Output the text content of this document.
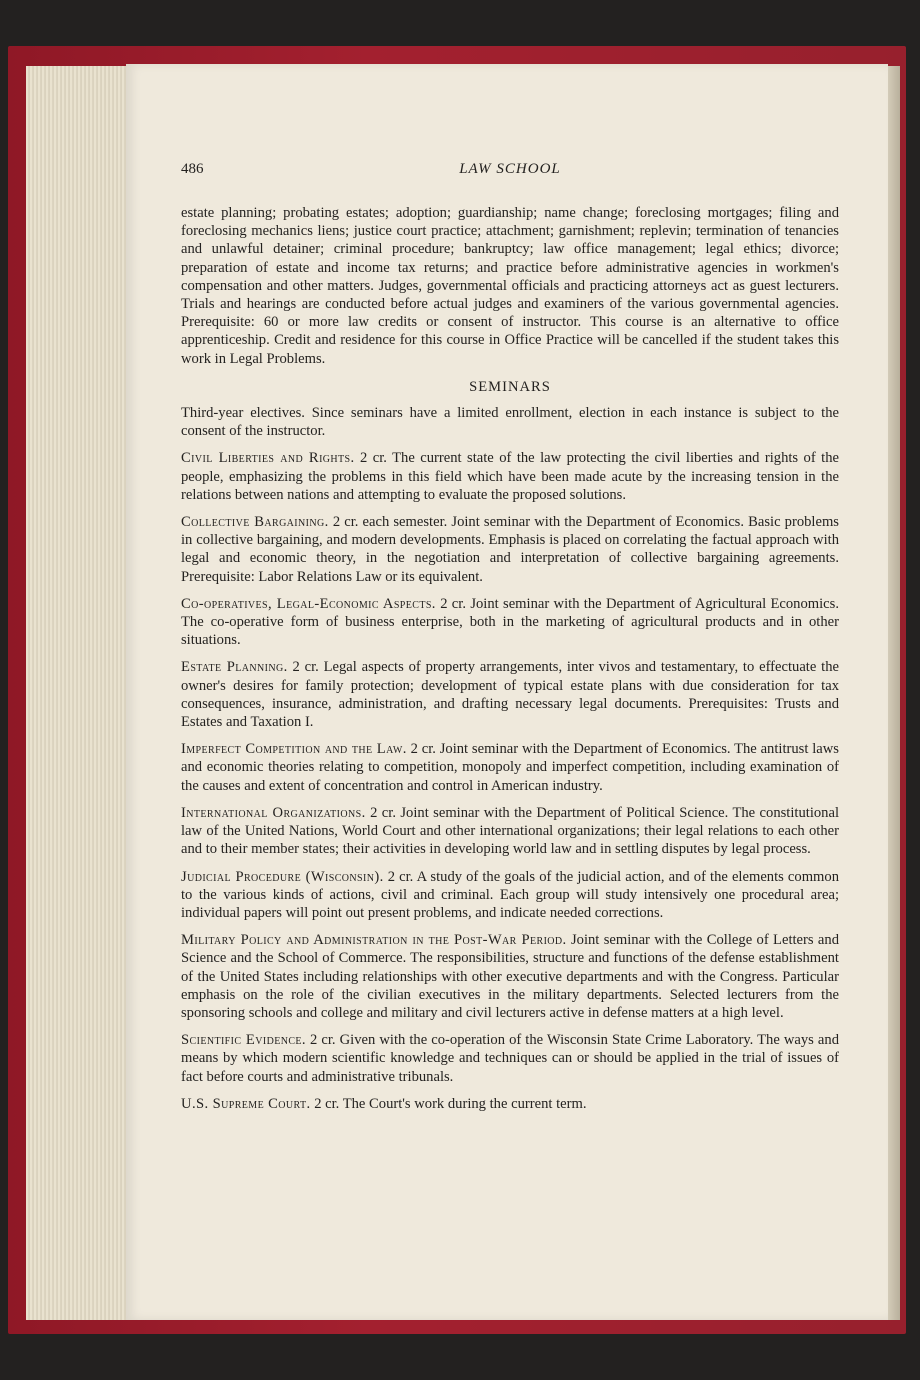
486	LAW SCHOOL

estate planning; probating estates; adoption; guardianship; name change; foreclosing mortgages; filing and foreclosing mechanics liens; justice court practice; attachment; garnishment; replevin; termination of tenancies and unlawful detainer; criminal procedure; bankruptcy; law office management; legal ethics; divorce; preparation of estate and income tax returns; and practice before administrative agencies in workmen's compensation and other matters. Judges, governmental officials and practicing attorneys act as guest lecturers. Trials and hearings are conducted before actual judges and examiners of the various governmental agencies. Prerequisite: 60 or more law credits or consent of instructor. This course is an alternative to office apprenticeship. Credit and residence for this course in Office Practice will be cancelled if the student takes this work in Legal Problems.

SEMINARS

Third-year electives. Since seminars have a limited enrollment, election in each instance is subject to the consent of the instructor.

Civil Liberties and Rights. 2 cr. The current state of the law protecting the civil liberties and rights of the people, emphasizing the problems in this field which have been made acute by the increasing tension in the relations between nations and attempting to evaluate the proposed solutions.

Collective Bargaining. 2 cr. each semester. Joint seminar with the Department of Economics. Basic problems in collective bargaining, and modern developments. Emphasis is placed on correlating the factual approach with legal and economic theory, in the negotiation and interpretation of collective bargaining agreements. Prerequisite: Labor Relations Law or its equivalent.

Co-operatives, Legal-Economic Aspects. 2 cr. Joint seminar with the Department of Agricultural Economics. The co-operative form of business enterprise, both in the marketing of agricultural products and in other situations.

Estate Planning. 2 cr. Legal aspects of property arrangements, inter vivos and testamentary, to effectuate the owner's desires for family protection; development of typical estate plans with due consideration for tax consequences, insurance, administration, and drafting necessary legal documents. Prerequisites: Trusts and Estates and Taxation I.

Imperfect Competition and the Law. 2 cr. Joint seminar with the Department of Economics. The antitrust laws and economic theories relating to competition, monopoly and imperfect competition, including examination of the causes and extent of concentration and control in American industry.

International Organizations. 2 cr. Joint seminar with the Department of Political Science. The constitutional law of the United Nations, World Court and other international organizations; their legal relations to each other and to their member states; their activities in developing world law and in settling disputes by legal process.

Judicial Procedure (Wisconsin). 2 cr. A study of the goals of the judicial action, and of the elements common to the various kinds of actions, civil and criminal. Each group will study intensively one procedural area; individual papers will point out present problems, and indicate needed corrections.

Military Policy and Administration in the Post-War Period. Joint seminar with the College of Letters and Science and the School of Commerce. The responsibilities, structure and functions of the defense establishment of the United States including relationships with other executive departments and with the Congress. Particular emphasis on the role of the civilian executives in the military departments. Selected lecturers from the sponsoring schools and college and military and civil lecturers active in defense matters at a high level.

Scientific Evidence. 2 cr. Given with the co-operation of the Wisconsin State Crime Laboratory. The ways and means by which modern scientific knowledge and techniques can or should be applied in the trial of issues of fact before courts and administrative tribunals.

U.S. Supreme Court. 2 cr. The Court's work during the current term.
